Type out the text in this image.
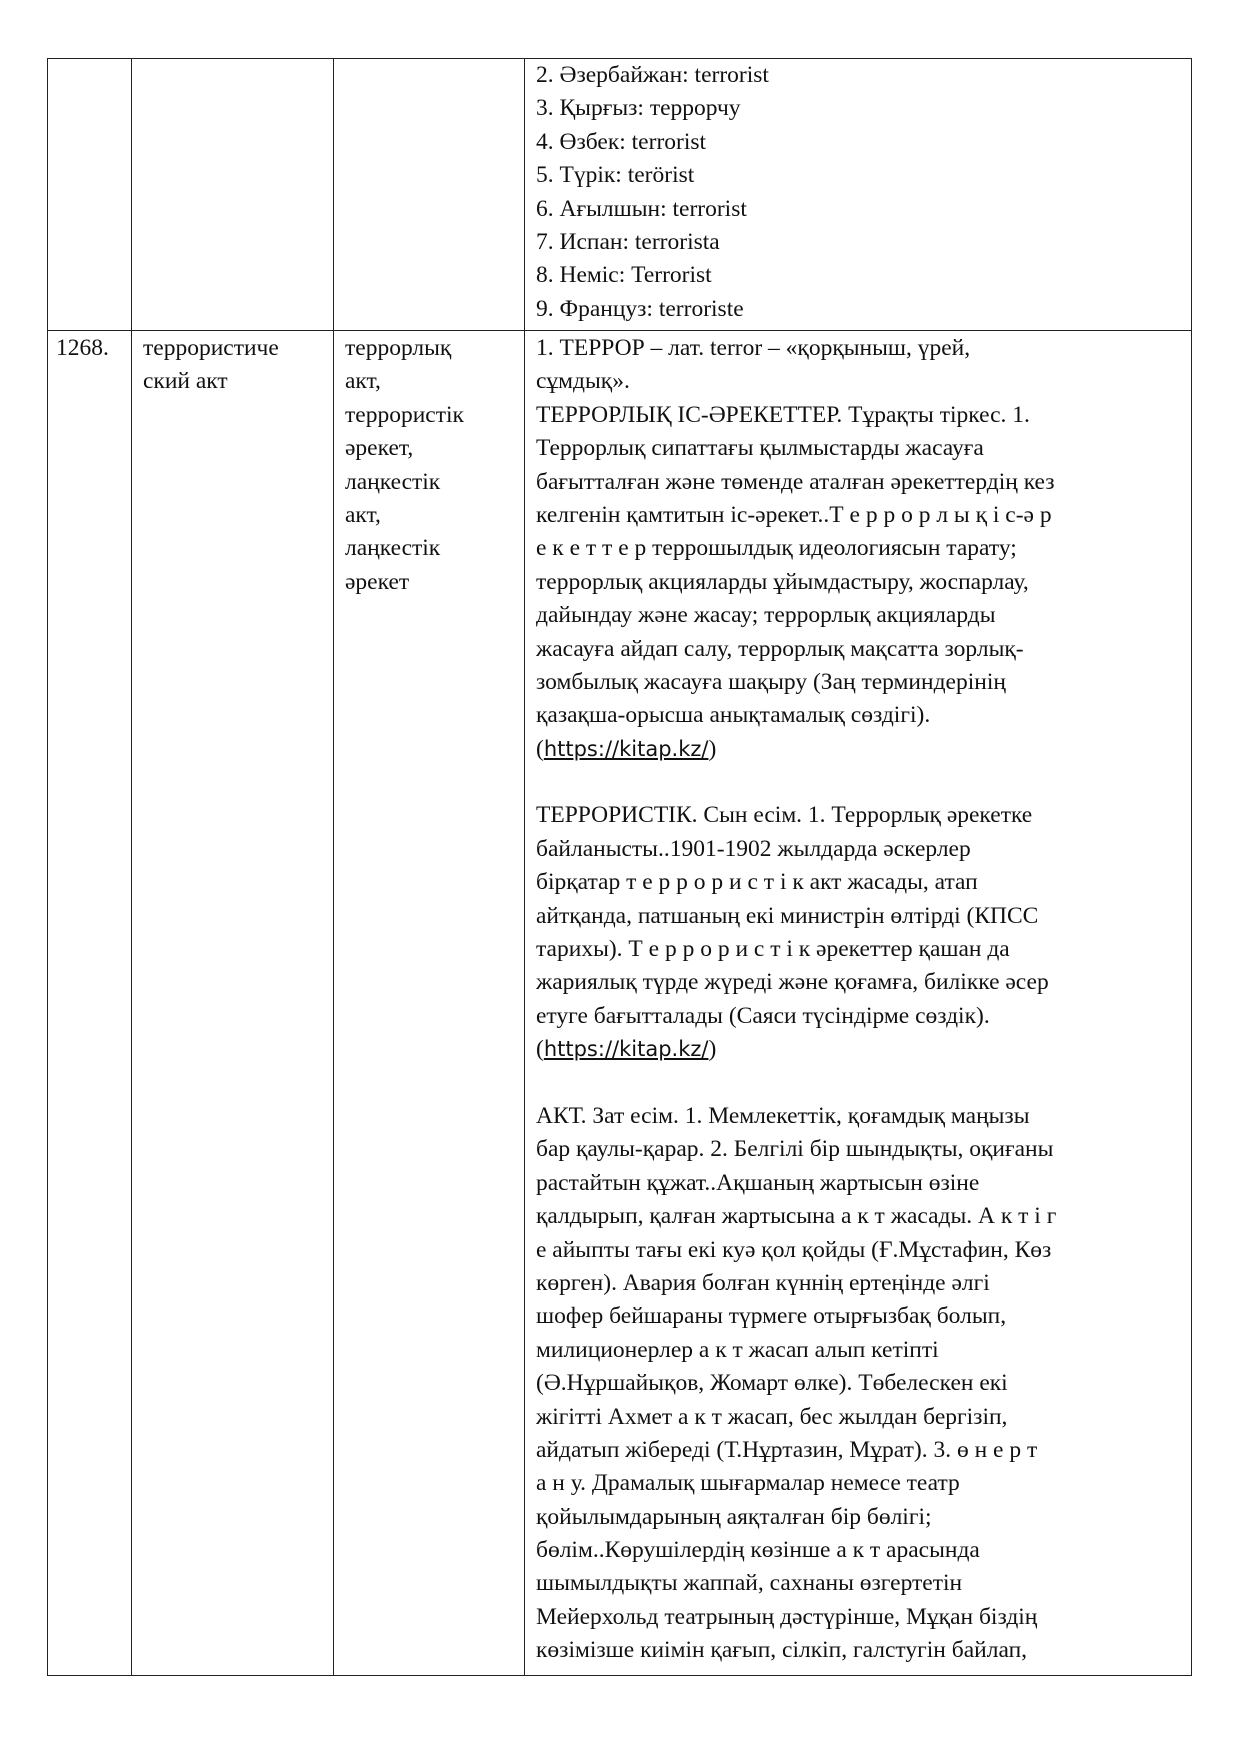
2. Әзербайжан: terrorist
3. Қырғыз: террорчу
4. Өзбек: terrorist
5. Түрік: terörist
6. Ағылшын: terrorist
7. Испан: terrorista
8. Неміс: Terrorist
9. Француз: terroriste
1268.	террористиче
ский акт
террорлық
акт,
террористік
әрекет,
лаңкестік
акт,
лаңкестік
әрекет
1. ТЕРРОР – лат. terror – «қорқыныш, үрей,
сұмдық».
ТЕРРОРЛЫҚ ІС-ӘРЕКЕТТЕР. Тұрақты тіркес. 1.
Террорлық сипаттағы қылмыстарды жасауға
бағытталған және төменде аталған әрекеттердің кез
келгенін қамтитын іс-әрекет..Т е р р о р л ы қ і с-ә р
е к е т т е р террошылдық идеологиясын тарату;
террорлық акцияларды ұйымдастыру, жоспарлау,
дайындау және жасау; террорлық акцияларды
жасауға айдап салу, террорлық мақсатта зорлық-
зомбылық жасауға шақыру (Заң терминдерінің
қазақша-орысша анықтамалық сөздігі).
(https://kitap.kz/)
ТЕРРОРИСТІК. Сын есім. 1. Террорлық әрекетке
байланысты..1901-1902 жылдарда әскерлер
бірқатар т е р р о р и с т і к акт жасады, атап
айтқанда, патшаның екі министрін өлтірді (КПСС
тарихы). Т е р р о р и с т і к әрекеттер қашан да
жариялық түрде жүреді және қоғамға, билікке әсер
етуге бағытталады (Саяси түсіндірме сөздік).
(https://kitap.kz/)
АКТ. Зат есім. 1. Мемлекеттік, қоғамдық маңызы
бар қаулы-қарар. 2. Белгілі бір шындықты, оқиғаны
растайтын құжат..Ақшаның жартысын өзіне
қалдырып, қалған жартысына а к т жасады. А к т і г
е айыпты тағы екі куә қол қойды (Ғ.Мұстафин, Көз
көрген). Авария болған күннің ертеңінде әлгі
шофер бейшараны түрмеге отырғызбақ болып,
милиционерлер а к т жасап алып кетіпті
(Ә.Нұршайықов, Жомарт өлке). Төбелескен екі
жігітті Ахмет а к т жасап, бес жылдан бергізіп,
айдатып жібереді (Т.Нұртазин, Мұрат). 3. ө н е р т
а н у. Драмалық шығармалар немесе театр
қойылымдарының аяқталған бір бөлігі;
бөлім..Көрушілердің көзінше а к т арасында
шымылдықты жаппай, сахнаны өзгертетін
Мейерхольд театрының дәстүрінше, Мұқан біздің
көзімізше киімін қағып, сілкіп, галстугін байлап,
